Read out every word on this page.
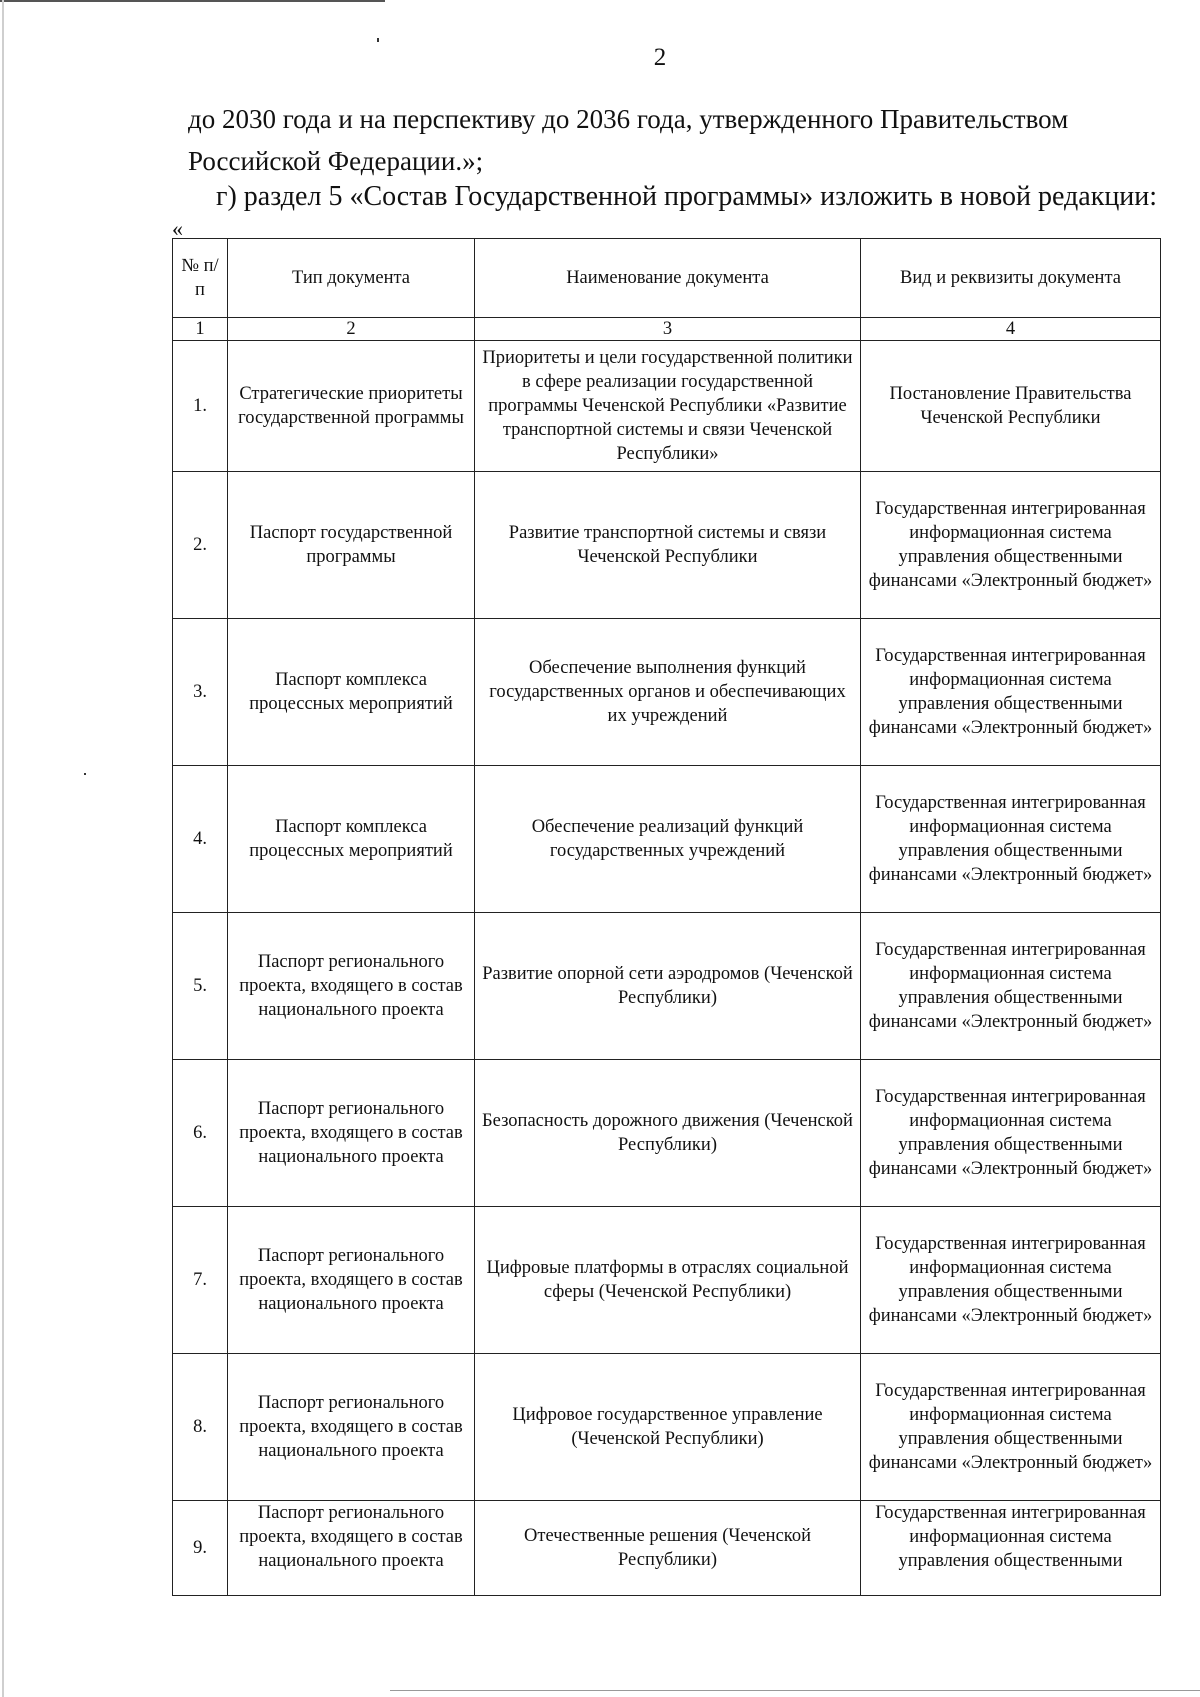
2
до 2030 года и на перспективу до 2036 года, утвержденного Правительством
Российской Федерации.»;
г) раздел 5 «Состав Государственной программы» изложить в новой редакции:
«
№ п/п	Тип документа	Наименование документа	Вид и реквизиты документа
1	2	3	4
1.	Стратегические приоритеты государственной программы	Приоритеты и цели государственной политики в сфере реализации государственной программы Чеченской Республики «Развитие транспортной системы и связи Чеченской Республики»	Постановление Правительства Чеченской Республики
2.	Паспорт государственной программы	Развитие транспортной системы и связи Чеченской Республики	Государственная интегрированная информационная система управления общественными финансами «Электронный бюджет»
3.	Паспорт комплекса процессных мероприятий	Обеспечение выполнения функций государственных органов и обеспечивающих их учреждений	Государственная интегрированная информационная система управления общественными финансами «Электронный бюджет»
4.	Паспорт комплекса процессных мероприятий	Обеспечение реализаций функций государственных учреждений	Государственная интегрированная информационная система управления общественными финансами «Электронный бюджет»
5.	Паспорт регионального проекта, входящего в состав национального проекта	Развитие опорной сети аэродромов (Чеченской Республики)	Государственная интегрированная информационная система управления общественными финансами «Электронный бюджет»
6.	Паспорт регионального проекта, входящего в состав национального проекта	Безопасность дорожного движения (Чеченской Республики)	Государственная интегрированная информационная система управления общественными финансами «Электронный бюджет»
7.	Паспорт регионального проекта, входящего в состав национального проекта	Цифровые платформы в отраслях социальной сферы (Чеченской Республики)	Государственная интегрированная информационная система управления общественными финансами «Электронный бюджет»
8.	Паспорт регионального проекта, входящего в состав национального проекта	Цифровое государственное управление (Чеченской Республики)	Государственная интегрированная информационная система управления общественными финансами «Электронный бюджет»
9.	Паспорт регионального проекта, входящего в состав национального проекта	Отечественные решения (Чеченской Республики)	Государственная интегрированная информационная система управления общественными
